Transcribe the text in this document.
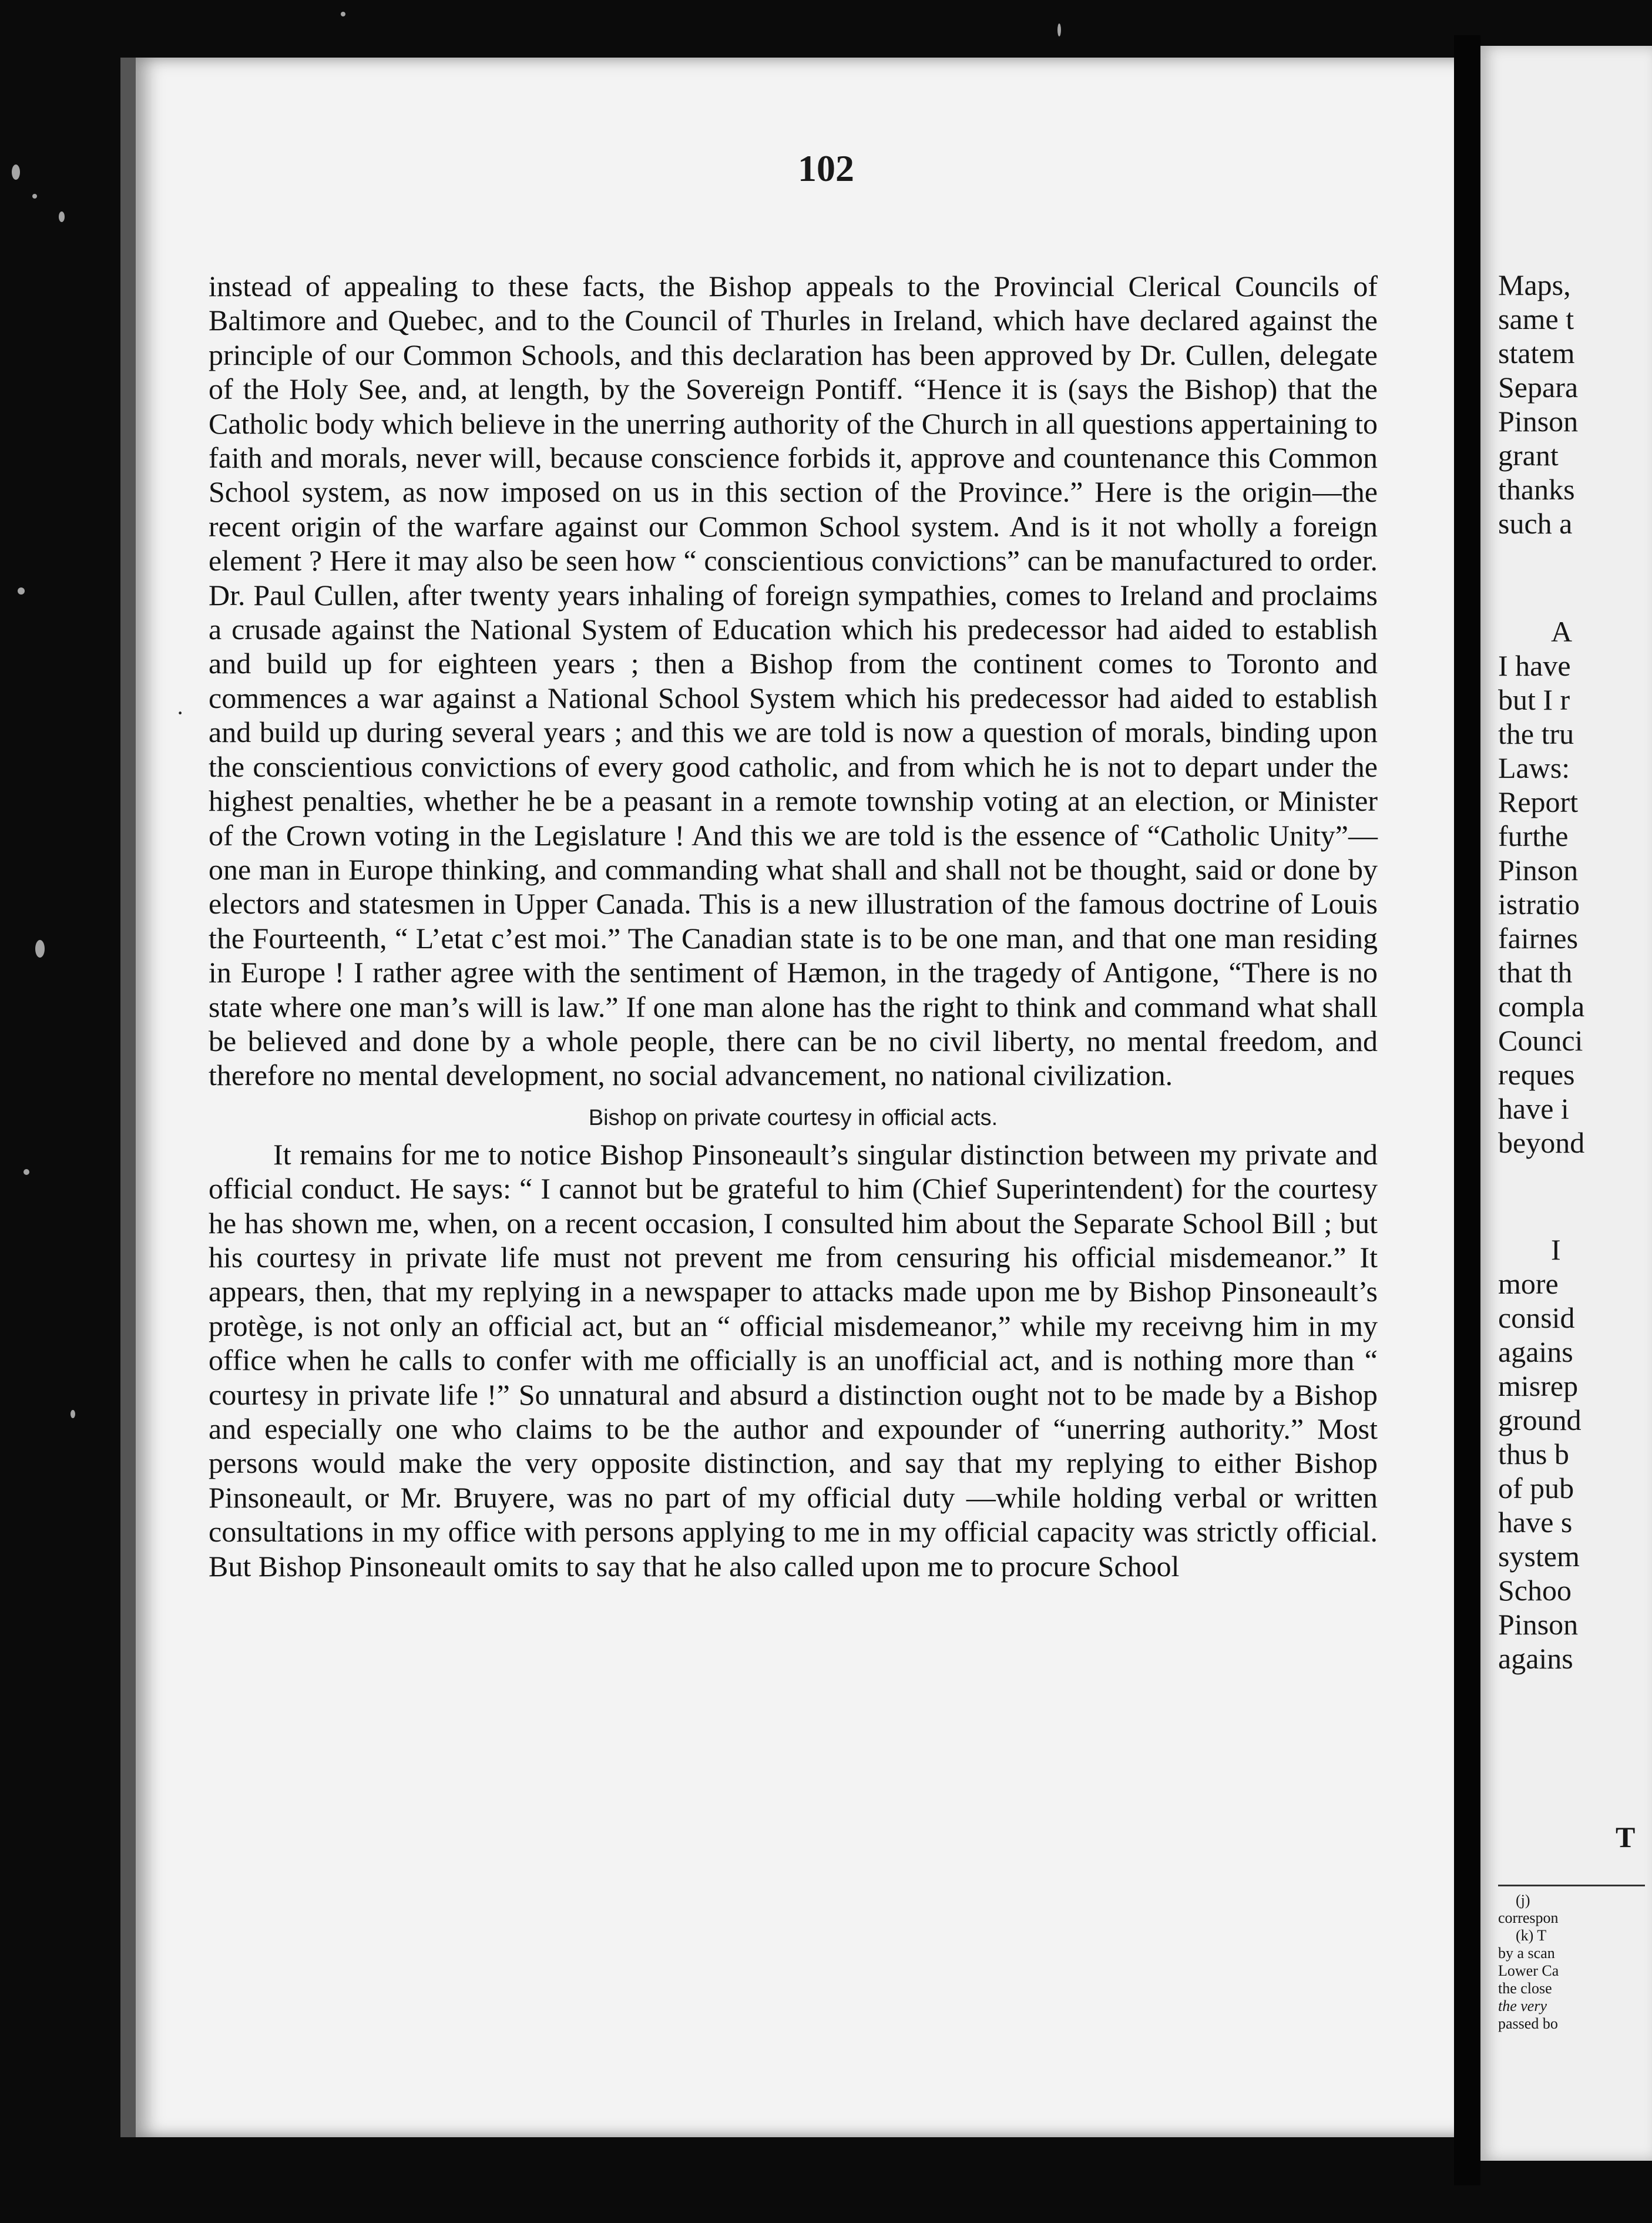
102
·

instead of appealing to these facts, the Bishop appeals to the Provincial Clerical Councils of Baltimore and Quebec, and to the Council of Thurles in Ireland, which have declared against the principle of our Common Schools, and this declaration has been approved by Dr. Cullen, delegate of the Holy See, and, at length, by the Sovereign Pontiff. “Hence it is (says the Bishop) that the Catholic body which believe in the unerring authority of the Church in all questions appertaining to faith and morals, never will, because conscience forbids it, approve and countenance this Common School system, as now imposed on us in this section of the Province.” Here is the origin—the recent origin of the warfare against our Common School system. And is it not wholly a foreign element ? Here it may also be seen how “ conscientious convictions” can be manufactured to order. Dr. Paul Cullen, after twenty years inhaling of foreign sympathies, comes to Ireland and proclaims a crusade against the National System of Education which his predecessor had aided to establish and build up for eighteen years ; then a Bishop from the continent comes to Toronto and commences a war against a National School System which his predecessor had aided to establish and build up during several years ; and this we are told is now a question of morals, binding upon the conscientious convictions of every good catholic, and from which he is not to depart under the highest penalties, whether he be a peasant in a remote township voting at an election, or Minister of the Crown voting in the Legislature ! And this we are told is the essence of “Catholic Unity”—one man in Europe thinking, and commanding what shall and shall not be thought, said or done by electors and statesmen in Upper Canada. This is a new illustration of the famous doctrine of Louis the Fourteenth, “ L’etat c’est moi.” The Canadian state is to be one man, and that one man residing in Europe ! I rather agree with the sentiment of Hæmon, in the tragedy of Antigone, “There is no state where one man’s will is law.” If one man alone has the right to think and command what shall be believed and done by a whole people, there can be no civil liberty, no mental freedom, and therefore no mental development, no social advancement, no national civilization.

Bishop on private courtesy in official acts.

It remains for me to notice Bishop Pinsoneault’s singular distinction between my private and official conduct. He says: “ I cannot but be grateful to him (Chief Superintendent) for the courtesy he has shown me, when, on a recent occasion, I consulted him about the Separate School Bill ; but his courtesy in private life must not prevent me from censuring his official misdemeanor.” It appears, then, that my replying in a newspaper to attacks made upon me by Bishop Pinsoneault’s protège, is not only an official act, but an “ official misdemeanor,” while my receivng him in my office when he calls to confer with me officially is an unofficial act, and is nothing more than “ courtesy in private life !” So unnatural and absurd a distinction ought not to be made by a Bishop and especially one who claims to be the author and expounder of “unerring authority.” Most persons would make the very opposite distinction, and say that my replying to either Bishop Pinsoneault, or Mr. Bruyere, was no part of my official duty —while holding verbal or written consultations in my office with persons applying to me in my official capacity was strictly official. But Bishop Pinsoneault omits to say that he also called upon me to procure School

Maps,
same t
statem
Separa
Pinson
grant
thanks
such a
A
I have
but I r
the tru
Laws:
Report
furthe
Pinson
istratio
fairnes
that th
compla
Counci
reques
have i
beyond
I
more
consid
agains
misrep
ground
thus b
of pub
have s
system
Schoo
Pinson
agains
T
(j)
correspon
(k) T
by a scan
Lower Ca
the close
the very
passed bo
